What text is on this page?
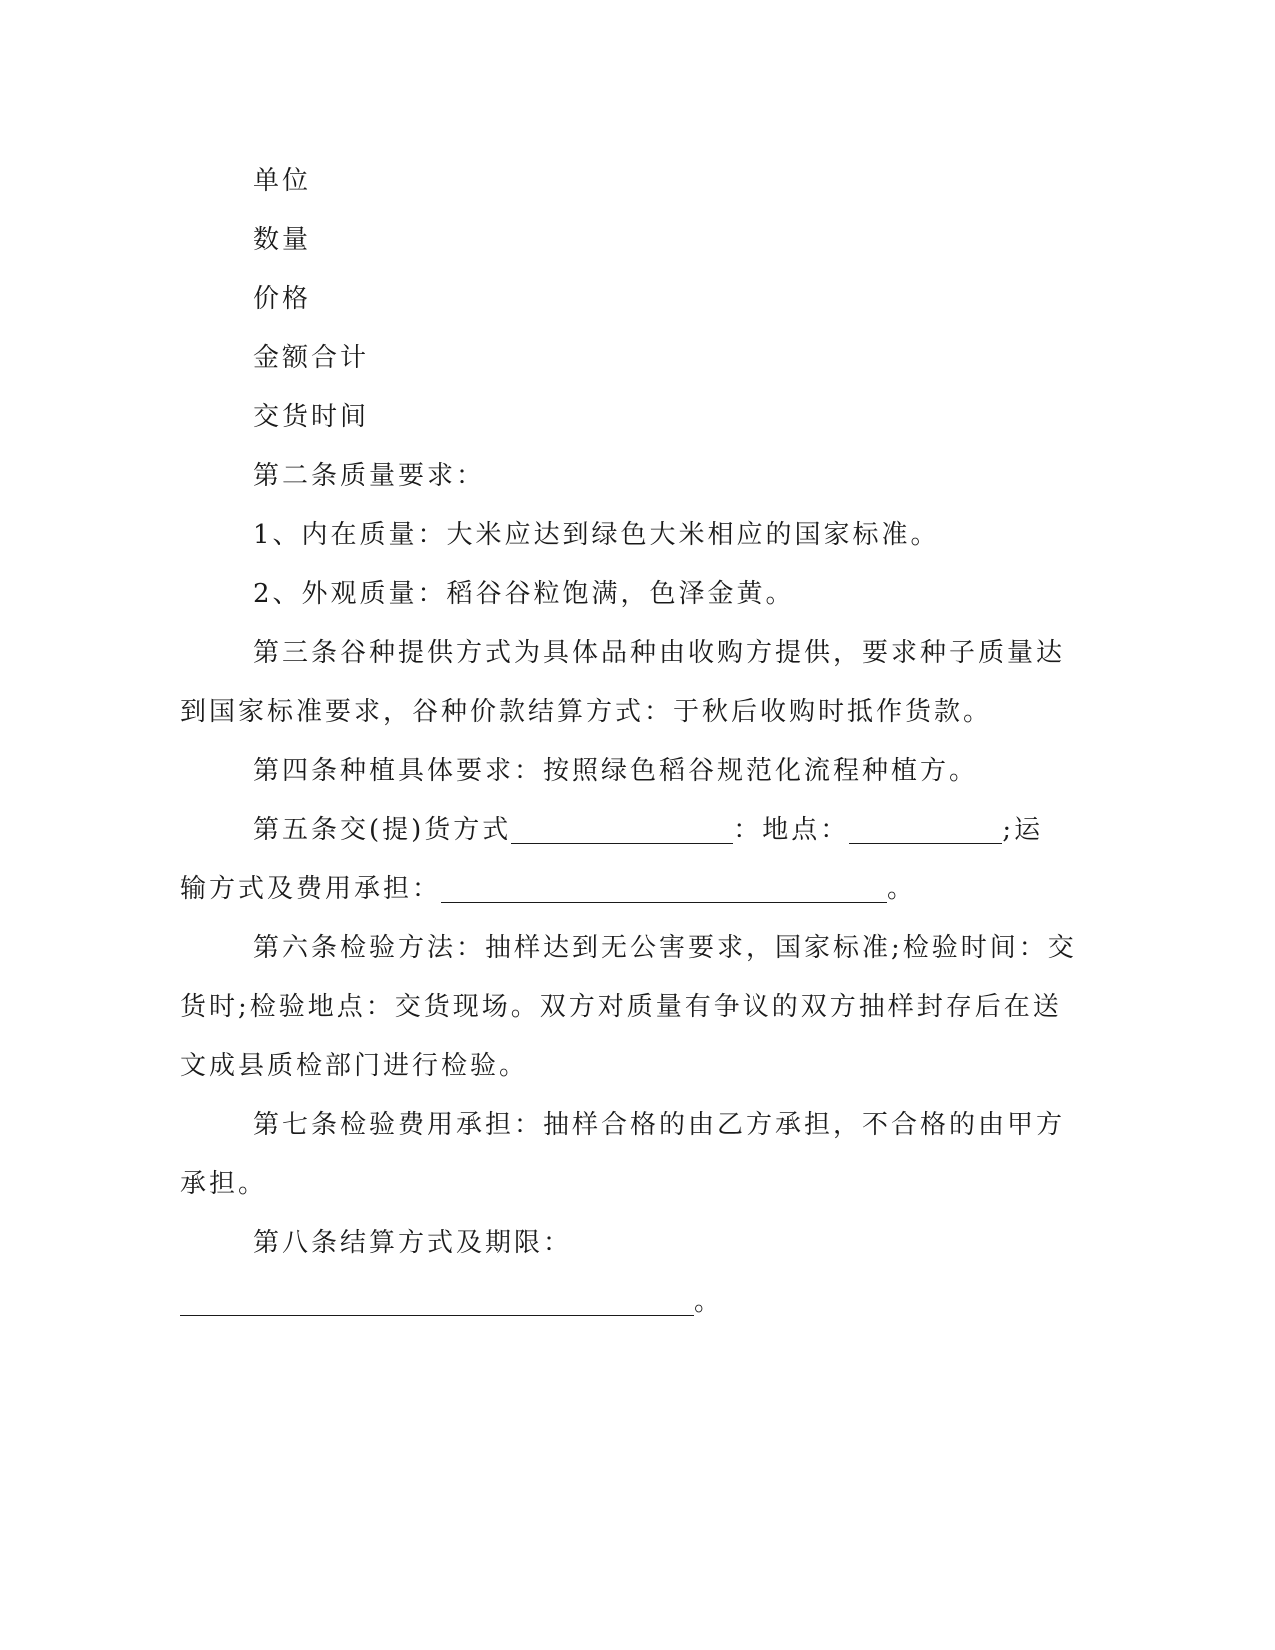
单位

数量

价格

金额合计

交货时间

第二条质量要求：

1、内在质量：大米应达到绿色大米相应的国家标准。

2、外观质量：稻谷谷粒饱满，色泽金黄。

第三条谷种提供方式为具体品种由收购方提供，要求种子质量达

到国家标准要求，谷种价款结算方式：于秋后收购时抵作货款。

第四条种植具体要求：按照绿色稻谷规范化流程种植方。

第五条交(提)货方式	：地点：	;运

输方式及费用承担：	。

第六条检验方法：抽样达到无公害要求，国家标准;检验时间：交

货时;检验地点：交货现场。双方对质量有争议的双方抽样封存后在送

文成县质检部门进行检验。

第七条检验费用承担：抽样合格的由乙方承担，不合格的由甲方

承担。

第八条结算方式及期限：

。
